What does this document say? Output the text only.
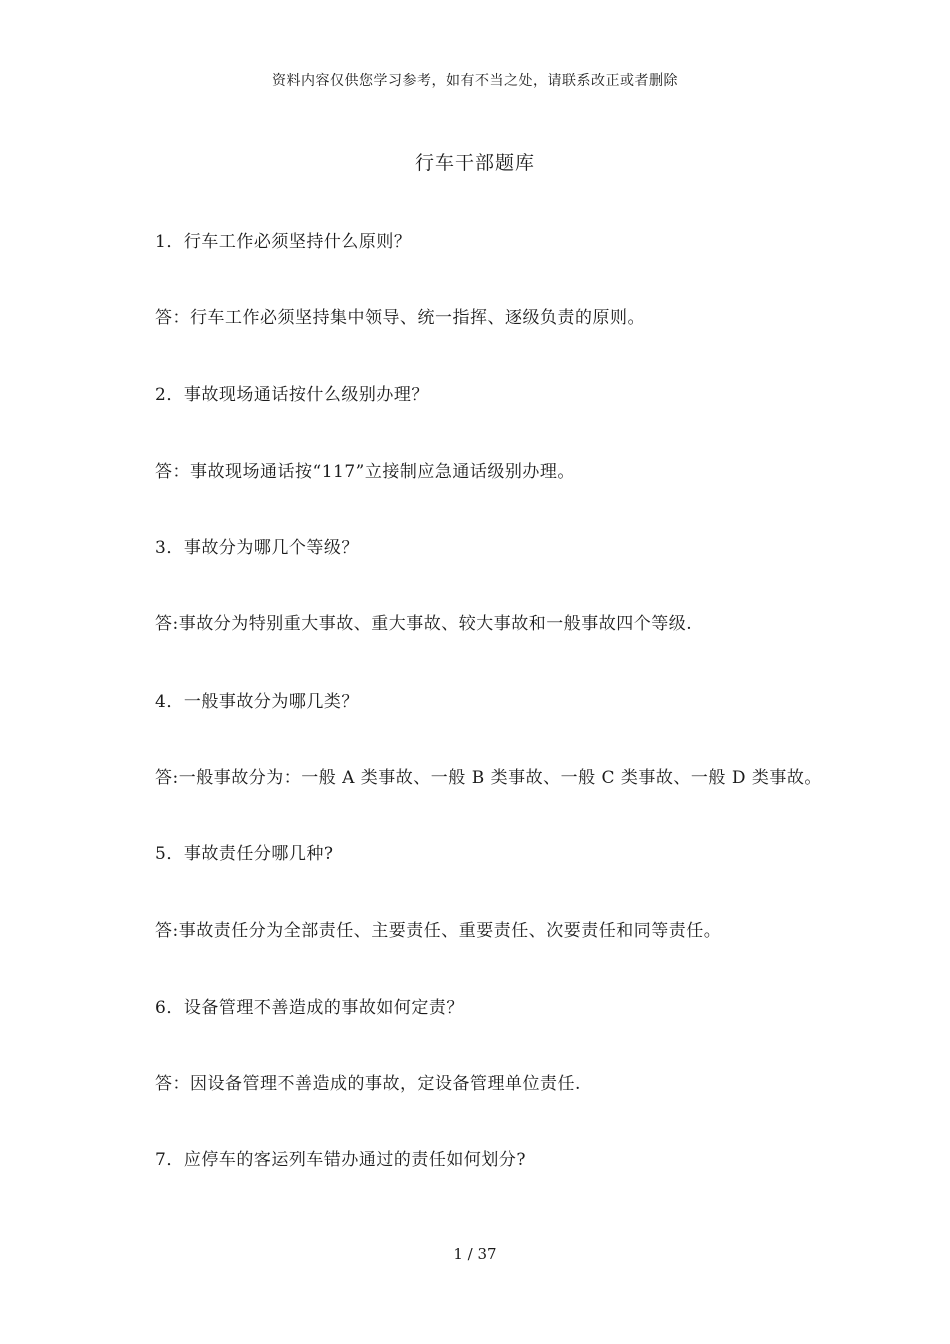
资料内容仅供您学习参考，如有不当之处，请联系改正或者删除
行车干部题库
1．行车工作必须坚持什么原则？
答：行车工作必须坚持集中领导、统一指挥、逐级负责的原则。
2．事故现场通话按什么级别办理？
答：事故现场通话按“117”立接制应急通话级别办理。
3．事故分为哪几个等级？
答:事故分为特别重大事故、重大事故、较大事故和一般事故四个等级.
4．一般事故分为哪几类？
答:一般事故分为：一般 A 类事故、一般 B 类事故、一般 C 类事故、一般 D 类事故。
5．事故责任分哪几种?
答:事故责任分为全部责任、主要责任、重要责任、次要责任和同等责任。
6．设备管理不善造成的事故如何定责？
答：因设备管理不善造成的事故，定设备管理单位责任.
7．应停车的客运列车错办通过的责任如何划分?
1 / 37
